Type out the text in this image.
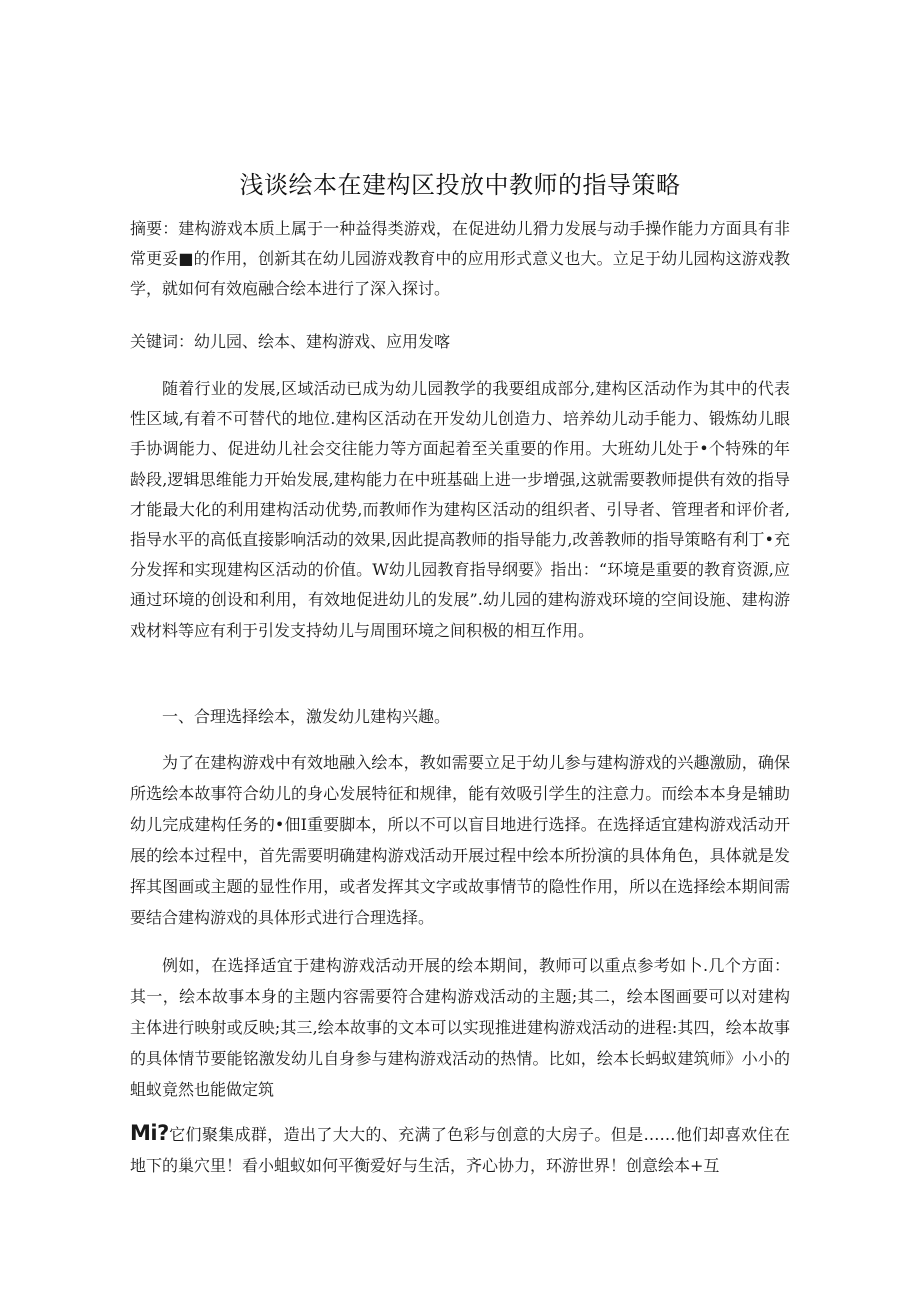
浅谈绘本在建构区投放中教师的指导策略

摘要：建构游戏本质上属于一种益得类游戏，在促进幼儿猾力发展与动手操作能力方面具有非常更妥■的作用，创新其在幼儿园游戏教育中的应用形式意义也大。立足于幼儿园构这游戏教学，就如何有效庖融合绘本进行了深入探讨。

关键词：幼儿园、绘本、建构游戏、应用发喀

随着行业的发展,区域活动已成为幼儿园教学的我要组成部分,建构区活动作为其中的代表性区域,有着不可替代的地位.建构区活动在开发幼儿创造力、培养幼儿动手能力、锻炼幼儿眼手协调能力、促进幼儿社会交往能力等方面起着至关重要的作用。大班幼儿处于•个特殊的年龄段,逻辑思维能力开始发展,建构能力在中班基础上进一步增强,这就需要教师提供有效的指导才能最大化的利用建构活动优势,而教师作为建构区活动的组织者、引导者、管理者和评价者,指导水平的高低直接影响活动的效果,因此提高教师的指导能力,改善教师的指导策略有利丁•充分发挥和实现建构区活动的价值。W幼儿园教育指导纲要》指出：“环境是重要的教育资源,应通过环境的创设和利用，有效地促进幼儿的发展”.幼儿园的建构游戏环境的空间设施、建构游戏材料等应有利于引发支持幼儿与周围环境之间积极的相互作用。

一、合理选择绘本，激发幼儿建构兴趣。

为了在建构游戏中有效地融入绘本，教如需要立足于幼儿参与建构游戏的兴趣激励，确保所选绘本故事符合幼儿的身心发展特征和规律，能有效吸引学生的注意力。而绘本本身是辅助幼儿完成建构任务的•佃I重要脚本，所以不可以盲目地进行选择。在选择适宜建构游戏活动开展的绘本过程中，首先需要明确建构游戏活动开展过程中绘本所扮演的具体角色，具体就是发挥其图画或主题的显性作用，或者发挥其文字或故事情节的隐性作用，所以在选择绘本期间需要结合建构游戏的具体形式进行合理选择。

例如，在选择适宜于建构游戏活动开展的绘本期间，教师可以重点参考如卜.几个方面：其一，绘本故事本身的主题内容需要符合建构游戏活动的主题;其二，绘本图画要可以对建构主体进行映射或反映;其三,绘本故事的文本可以实现推进建构游戏活动的进程:其四，绘本故事的具体情节要能铭激发幼儿自身参与建构游戏活动的热情。比如，绘本长蚂蚁建筑师》小小的蛆蚁竟然也能做定筑

Mi?它们聚集成群，造出了大大的、充满了色彩与创意的大房子。但是……他们却喜欢住在地下的巢穴里！看小蛆蚁如何平衡爱好与生活，齐心协力，环游世界！创意绘本+互
